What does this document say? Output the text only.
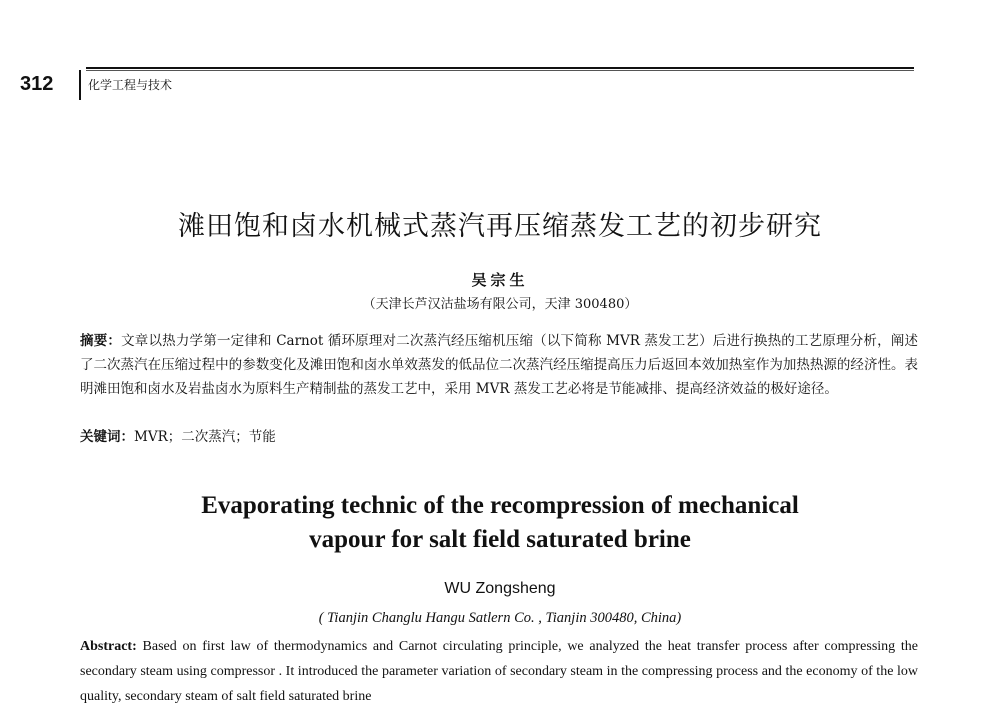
312	化学工程与技术
滩田饱和卤水机械式蒸汽再压缩蒸发工艺的初步研究
吴宗生
（天津长芦汉沽盐场有限公司，天津 300480）
摘要：文章以热力学第一定律和 Carnot 循环原理对二次蒸汽经压缩机压缩（以下简称 MVR 蒸发工艺）后进行换热的工艺原理分析，阐述了二次蒸汽在压缩过程中的参数变化及滩田饱和卤水单效蒸发的低品位二次蒸汽经压缩提高压力后返回本效加热室作为加热热源的经济性。表明滩田饱和卤水及岩盐卤水为原料生产精制盐的蒸发工艺中，采用 MVR 蒸发工艺必将是节能减排、提高经济效益的极好途径。
关键词：MVR；二次蒸汽；节能
Evaporating technic of the recompression of mechanical
vapour for salt field saturated brine
WU Zongsheng
( Tianjin Changlu Hangu Satlern Co. , Tianjin 300480, China)
Abstract: Based on first law of thermodynamics and Carnot circulating principle, we analyzed the heat transfer process after compressing the secondary steam using compressor . It introduced the parameter variation of secondary steam in the compressing process and the economy of the low quality, secondary steam of salt field saturated brine
